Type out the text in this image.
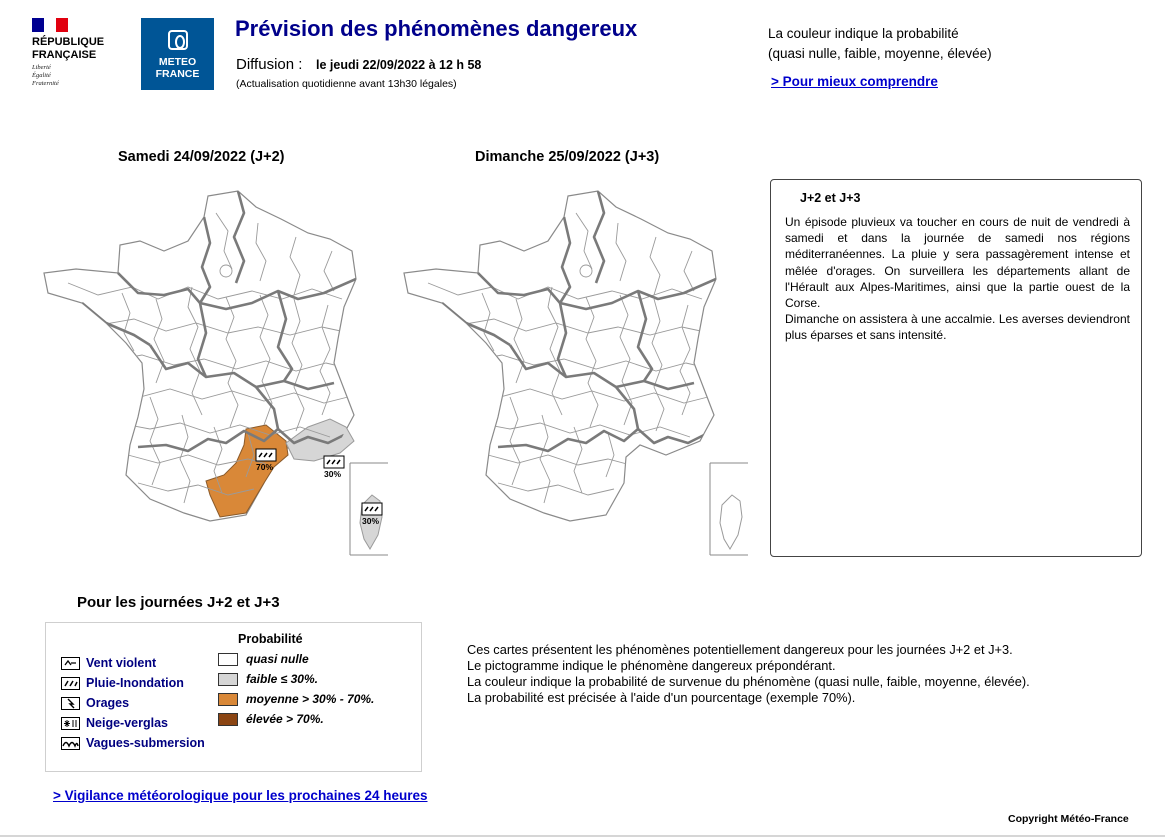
RÉPUBLIQUE
FRANÇAISE
Liberté
Égalité
Fraternité
METEO
FRANCE
Prévision des phénomènes dangereux
Diffusion : le jeudi 22/09/2022 à 12 h 58
(Actualisation quotidienne avant 13h30 légales)
La couleur indique la probabilité
(quasi nulle, faible, moyenne, élevée)
> Pour mieux comprendre
Samedi 24/09/2022 (J+2)	Dimanche 25/09/2022 (J+3)
70%
30%
30%
J+2 et J+3

Un épisode pluvieux va toucher en cours de nuit de vendredi à samedi et dans la journée de samedi nos régions méditerranéennes. La pluie y sera passagèrement intense et mêlée d'orages. On surveillera les départements allant de l'Hérault aux Alpes-Maritimes, ainsi que la partie ouest de la Corse.

Dimanche on assistera à une accalmie. Les averses deviendront plus éparses et sans intensité.

Pour les journées J+2 et J+3
Vent violent
Pluie-Inondation
Orages
Neige-verglas
Vagues-submersion
Probabilité
quasi nulle
faible ≤ 30%.
moyenne > 30% - 70%.
élevée > 70%.

Ces cartes présentent les phénomènes potentiellement dangereux pour les journées J+2 et J+3.

Le pictogramme indique le phénomène dangereux prépondérant.

La couleur indique la probabilité de survenue du phénomène (quasi nulle, faible, moyenne, élevée).

La probabilité est précisée à l'aide d'un pourcentage (exemple 70%).

> Vigilance météorologique pour les prochaines 24 heures
Copyright Météo-France
